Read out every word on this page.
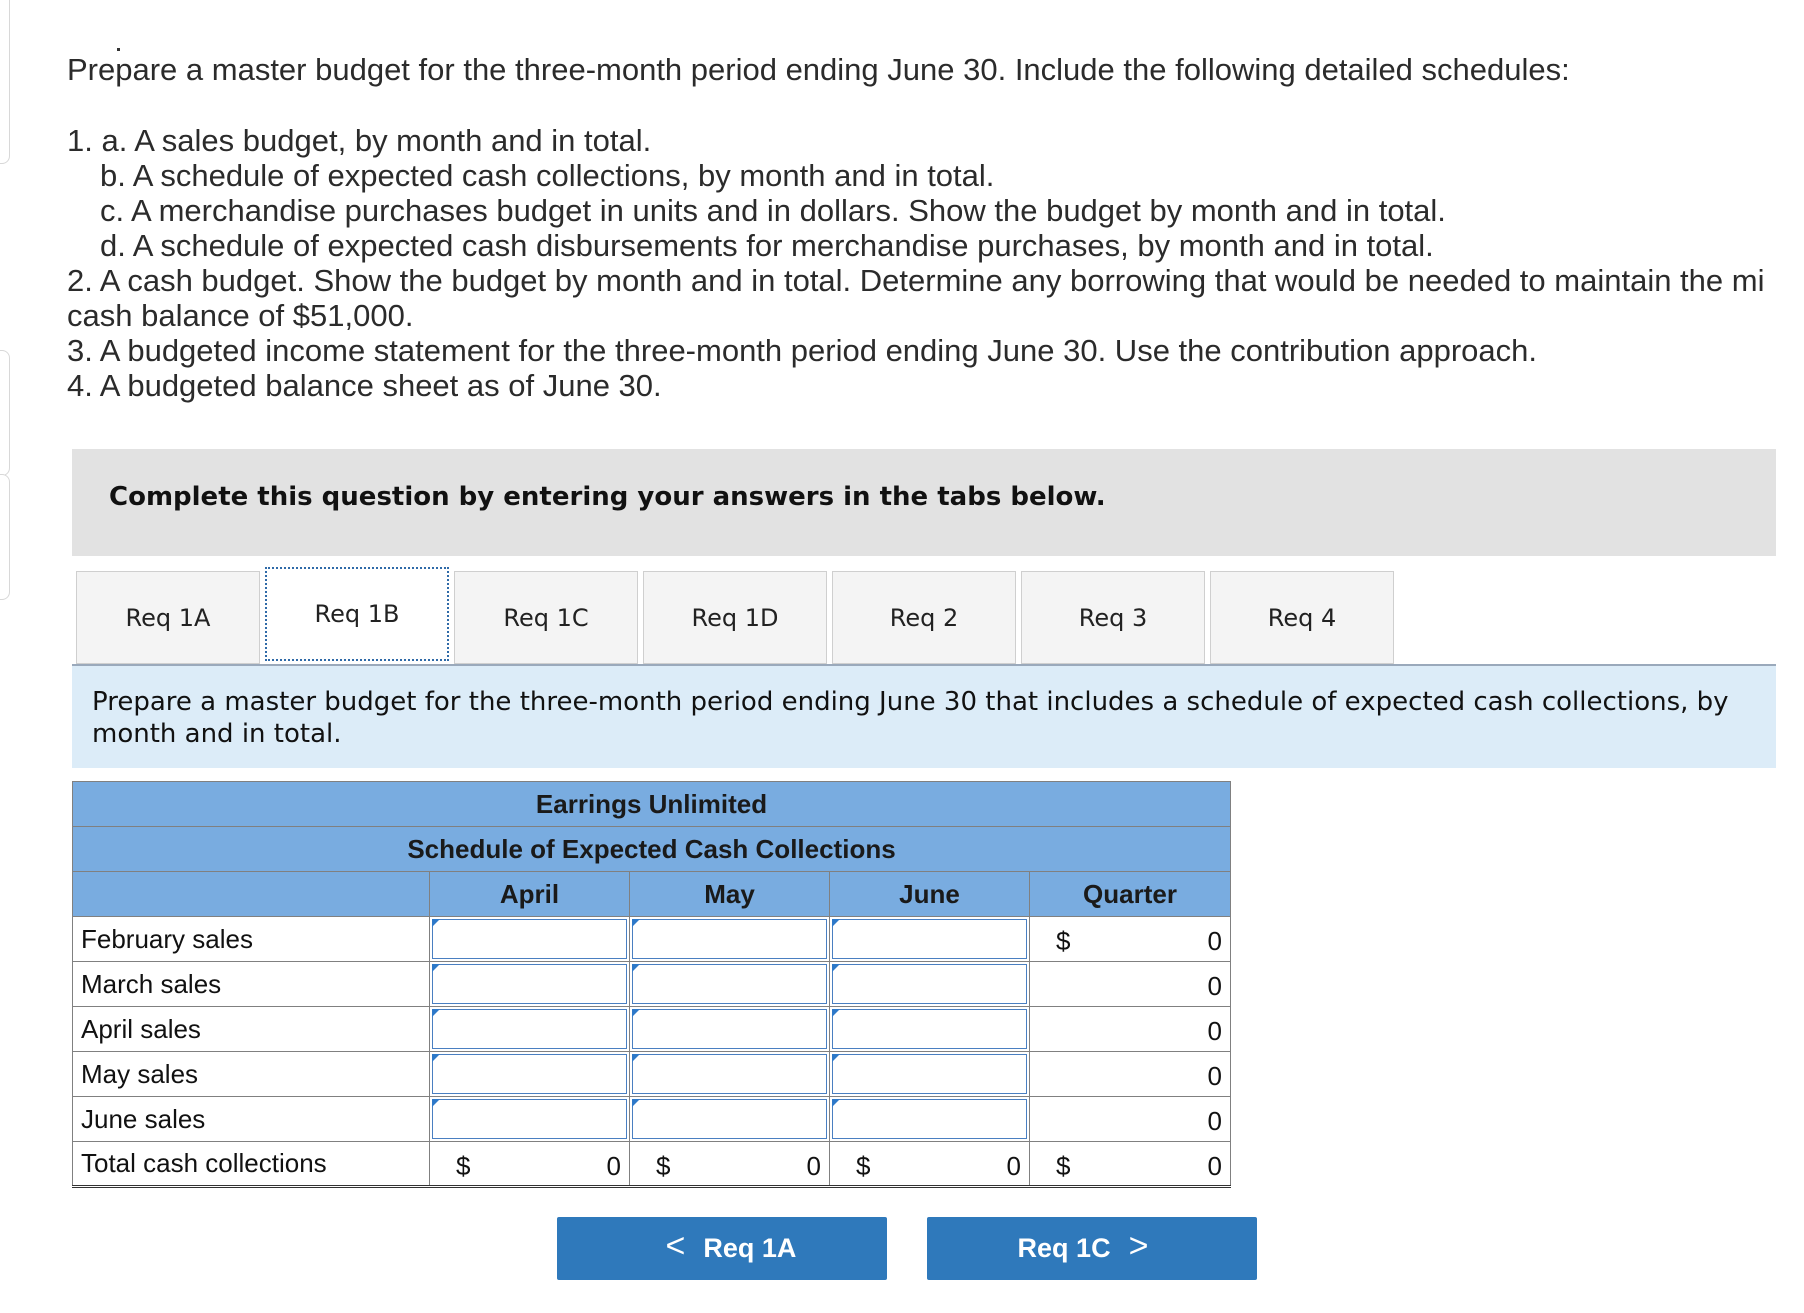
Prepare a master budget for the three-month period ending June 30. Include the following detailed schedules:

1. a. A sales budget, by month and in total.

b. A schedule of expected cash collections, by month and in total.

c. A merchandise purchases budget in units and in dollars. Show the budget by month and in total.

d. A schedule of expected cash disbursements for merchandise purchases, by month and in total.

2. A cash budget. Show the budget by month and in total. Determine any borrowing that would be needed to maintain the mi

cash balance of $51,000.

3. A budgeted income statement for the three-month period ending June 30. Use the contribution approach.

4. A budgeted balance sheet as of June 30.

Complete this question by entering your answers in the tabs below.
Req 1A	Req 1B	Req 1C	Req 1D	Req 2	Req 3	Req 4
Prepare a master budget for the three-month period ending June 30 that includes a schedule of expected cash collections, by month and in total.
Earrings Unlimited				
Schedule of Expected Cash Collections				
	April	May	June	Quarter
February sales				$ 0

March sales				0

April sales				0

May sales				0

June sales				0

Total cash collections	$ 0	$ 0	$ 0	$ 0
< Req 1A	Req 1C >
